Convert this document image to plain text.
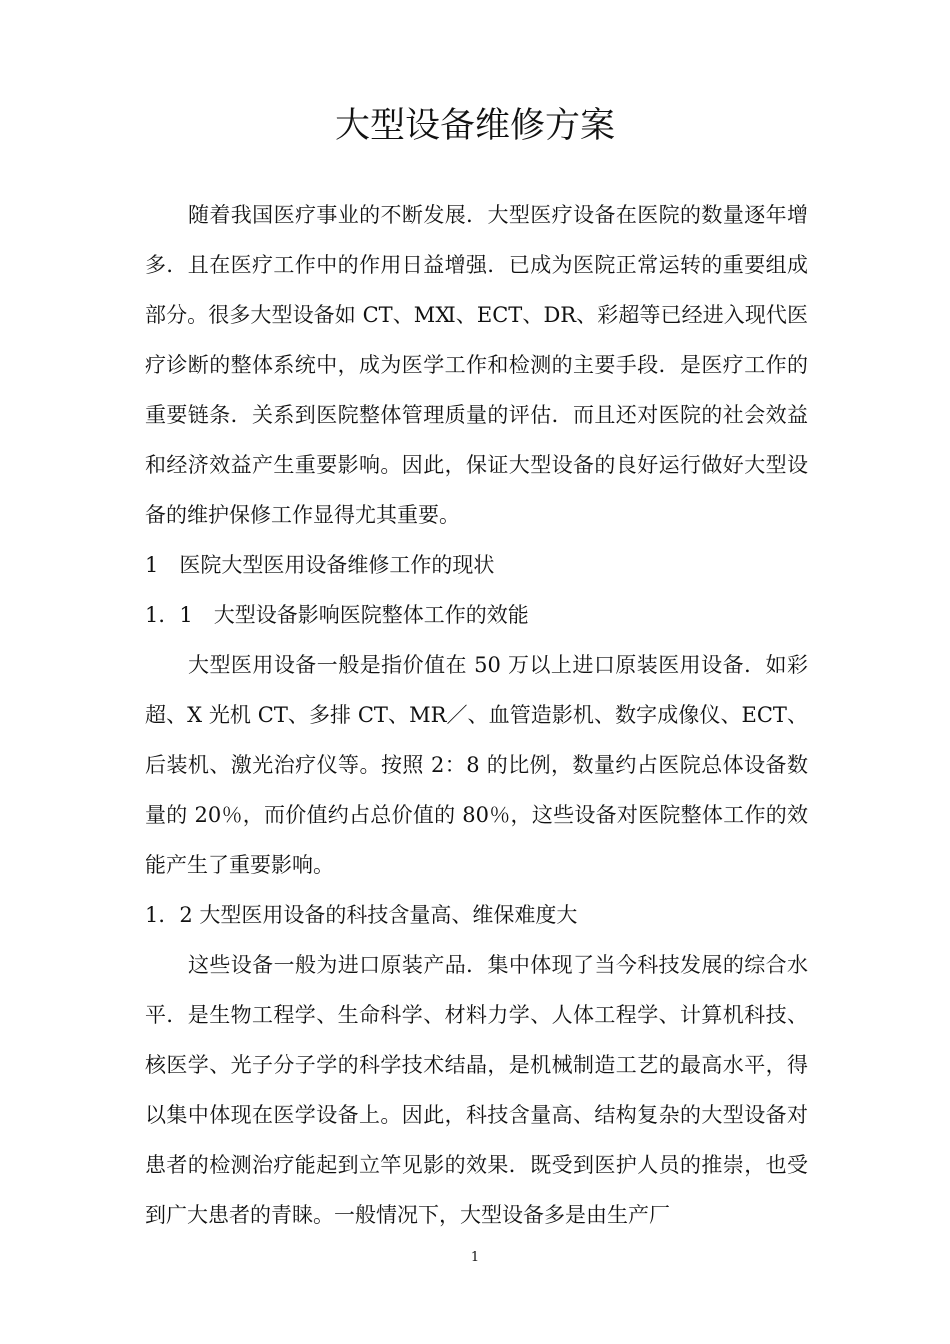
大型设备维修方案

随着我国医疗事业的不断发展．大型医疗设备在医院的数量逐年增多．且在医疗工作中的作用日益增强．已成为医院正常运转的重要组成部分。很多大型设备如 CT、MⅪ、ECT、DR、彩超等已经进入现代医疗诊断的整体系统中，成为医学工作和检测的主要手段．是医疗工作的重要链条．关系到医院整体管理质量的评估．而且还对医院的社会效益和经济效益产生重要影响。因此，保证大型设备的良好运行做好大型设备的维护保修工作显得尤其重要。

1　医院大型医用设备维修工作的现状

1．1　大型设备影响医院整体工作的效能

大型医用设备一般是指价值在 50 万以上进口原装医用设备．如彩超、X 光机 CT、多排 CT、MR／、血管造影机、数字成像仪、ECT、后装机、激光治疗仪等。按照 2：8 的比例，数量约占医院总体设备数量的 20％，而价值约占总价值的 80％，这些设备对医院整体工作的效能产生了重要影响。

1．2 大型医用设备的科技含量高、维保难度大

这些设备一般为进口原装产品．集中体现了当今科技发展的综合水平．是生物工程学、生命科学、材料力学、人体工程学、计算机科技、核医学、光子分子学的科学技术结晶，是机械制造工艺的最高水平，得以集中体现在医学设备上。因此，科技含量高、结构复杂的大型设备对患者的检测治疗能起到立竿见影的效果．既受到医护人员的推崇，也受到广大患者的青睐。一般情况下，大型设备多是由生产厂

1
